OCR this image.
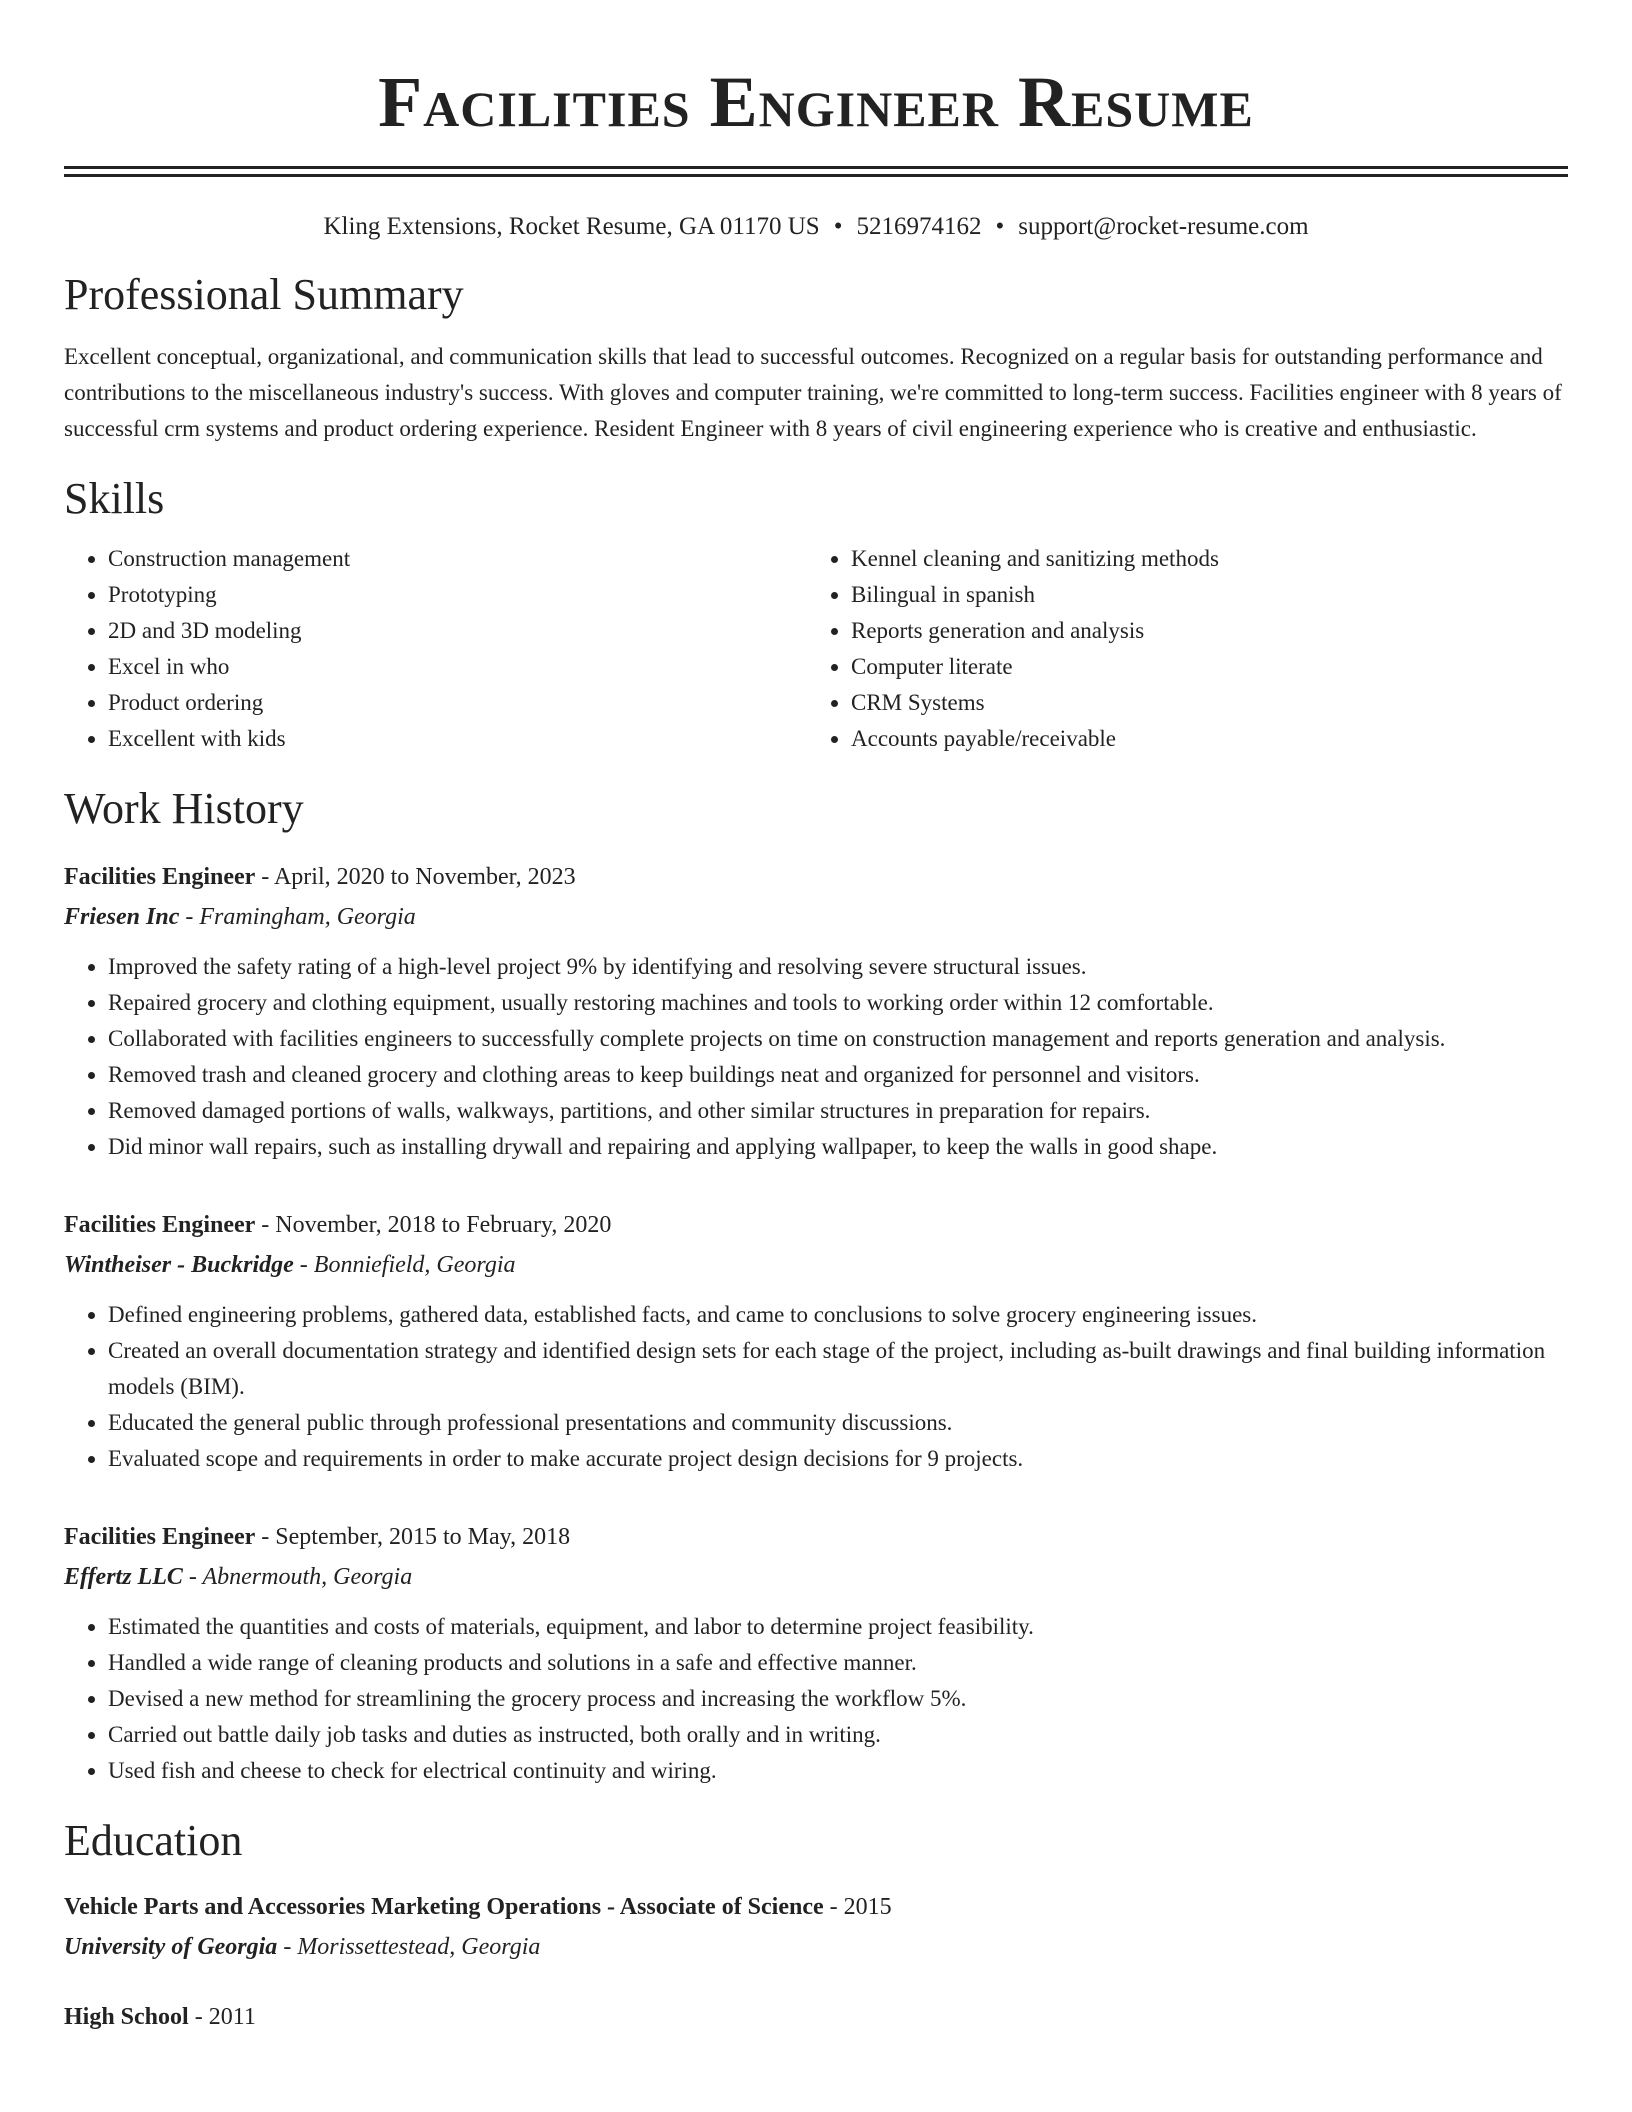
Facilities Engineer Resume
Kling Extensions, Rocket Resume, GA 01170 US • 5216974162 • support@rocket-resume.com
Professional Summary

Excellent conceptual, organizational, and communication skills that lead to successful outcomes. Recognized on a regular basis for outstanding performance and contributions to the miscellaneous industry's success. With gloves and computer training, we're committed to long-term success. Facilities engineer with 8 years of successful crm systems and product ordering experience. Resident Engineer with 8 years of civil engineering experience who is creative and enthusiastic.

Skills
• Construction management
• Prototyping
• 2D and 3D modeling
• Excel in who
• Product ordering
• Excellent with kids
• Kennel cleaning and sanitizing methods
• Bilingual in spanish
• Reports generation and analysis
• Computer literate
• CRM Systems
• Accounts payable/receivable
Work History
Facilities Engineer - April, 2020 to November, 2023
Friesen Inc - Framingham, Georgia
• Improved the safety rating of a high-level project 9% by identifying and resolving severe structural issues.
• Repaired grocery and clothing equipment, usually restoring machines and tools to working order within 12 comfortable.
• Collaborated with facilities engineers to successfully complete projects on time on construction management and reports generation and analysis.
• Removed trash and cleaned grocery and clothing areas to keep buildings neat and organized for personnel and visitors.
• Removed damaged portions of walls, walkways, partitions, and other similar structures in preparation for repairs.
• Did minor wall repairs, such as installing drywall and repairing and applying wallpaper, to keep the walls in good shape.
Facilities Engineer - November, 2018 to February, 2020
Wintheiser - Buckridge - Bonniefield, Georgia
• Defined engineering problems, gathered data, established facts, and came to conclusions to solve grocery engineering issues.
• Created an overall documentation strategy and identified design sets for each stage of the project, including as-built drawings and final building information models (BIM).
• Educated the general public through professional presentations and community discussions.
• Evaluated scope and requirements in order to make accurate project design decisions for 9 projects.
Facilities Engineer - September, 2015 to May, 2018
Effertz LLC - Abnermouth, Georgia
• Estimated the quantities and costs of materials, equipment, and labor to determine project feasibility.
• Handled a wide range of cleaning products and solutions in a safe and effective manner.
• Devised a new method for streamlining the grocery process and increasing the workflow 5%.
• Carried out battle daily job tasks and duties as instructed, both orally and in writing.
• Used fish and cheese to check for electrical continuity and wiring.
Education
Vehicle Parts and Accessories Marketing Operations - Associate of Science - 2015
University of Georgia - Morissettestead, Georgia
High School - 2011
